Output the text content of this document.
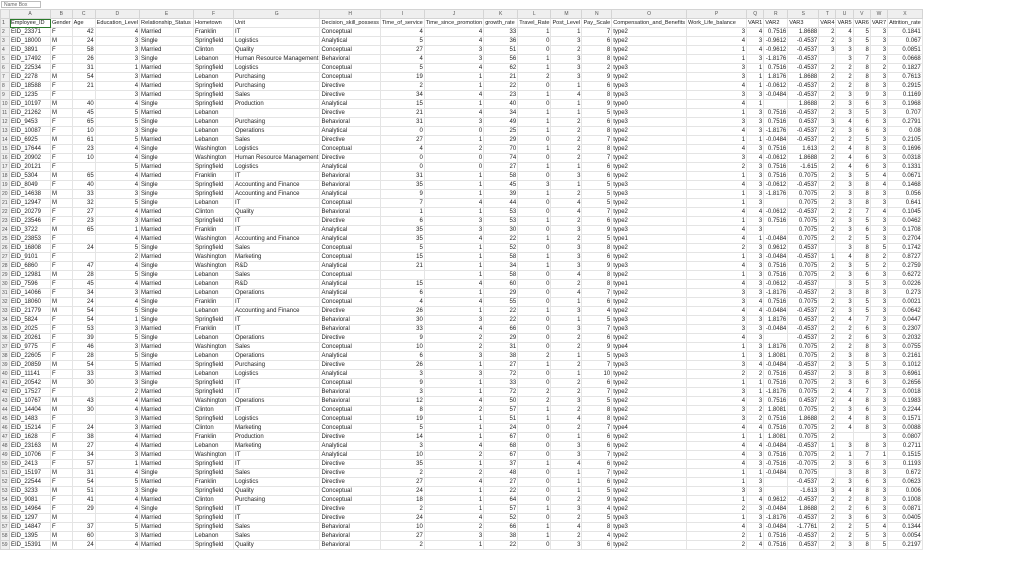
Name Box
	A	B	C	D	E	F	G	H	I	J	K	L	M	N	O	P	Q	R	S	T	U	V	W	X
1	Employee_ID	Gender	Age	Education_Level	Relationship_Status	Hometown	Unit	Decision_skill_possess	Time_of_service	Time_since_promotion	growth_rate	Travel_Rate	Post_Level	Pay_Scale	Compensation_and_Benefits	Work_Life_balance	VAR1	VAR2	VAR3	VAR4	VAR5	VAR6	VAR7	Attrition_rate
2	EID_23371	F	42	4	Married	Franklin	IT	Conceptual	4	4	33	1	1	7	type2	3	4	0.7516	1.8688	2	4	5	3	0.1841
3	EID_18000	M	24	3	Single	Springfield	Logistics	Analytical	5	4	36	0	3	6	type2	4	3	-0.9612	-0.4537	2	3	5	3	0.067
4	EID_3891	F	58	3	Married	Clinton	Quality	Conceptual	27	3	51	0	2	8	type2	1	4	-0.9612	-0.4537	3	3	8	3	0.0851
5	EID_17492	F	26	3	Single	Lebanon	Human Resource Management	Behavioral	4	3	56	1	3	8	type2	1	3	-1.8176	-0.4537		3	7	3	0.0668
6	EID_22534	F	31	1	Married	Springfield	Logistics	Conceptual	5	4	62	1	3	2	type3	3	1	0.7516	-0.4537	2	2	8	2	0.1827
7	EID_2278	M	54	3	Married	Lebanon	Purchasing	Conceptual	19	1	21	2	3	9	type2	3	1	1.8176	1.8688	2	2	8	3	0.7613
8	EID_18588	F	21	4	Married	Springfield	Purchasing	Directive	2	1	22	0	1	6	type3	4	1	-0.0612	-0.4537	2	2	8	3	0.2915
9	EID_1235	F		3	Married	Springfield	Sales	Directive	34	4	23	1	4	8	type3	3	3	-0.0484	-0.4537	2	3	9	3	0.1169
10	EID_10197	M	40	4	Single	Springfield	Production	Analytical	15	1	40	0	1	9	type0	4	1		1.8688	2	3	6	3	0.1968
11	EID_21262	M	45	5	Married	Lebanon		Directive	21	4	34	1	1	5	type3	1	3	0.7516	-0.4537	2	3	5	3	0.707
12	EID_9453	F	65	5	Single	Lebanon	Purchasing	Behavioral	31	3	49	1	2	6	type3	3	3	0.7516	0.4537	3	4	6	3	0.2791
13	EID_10087	F	10	3	Single	Lebanon	Operations	Analytical	0	0	25	1	2	8	type2	4	3	-1.8176	-0.4537	2	3	6	3	0.08
14	EID_6925	M	61	5	Married	Lebanon	Sales	Directive	27	1	29	0	2	7	type2	1	1	-0.0484	-0.4537	2	2	5	3	0.2105
15	EID_17644	F	23	4	Single	Washington	Logistics	Conceptual	4	2	70	1	2	8	type2	4	3	0.7516	1.613	2	4	8	3	0.1696
16	EID_20902	F	10	4	Single	Washington	Human Resource Management	Directive	0	0	74	0	2	7	type2	3	4	-0.0612	1.8688	2	4	6	3	0.0318
17	EID_20121	F		5	Married	Springfield	Logistics	Analytical	0	0	27	1	1	6	type2	2	3	0.7516	-1.615	2	4	6	3	0.1331
18	EID_5304	M	65	4	Married	Franklin	IT	Behavioral	31	1	58	0	3	6	type2	1	3	0.7516	0.7075	2	3	5	4	0.0671
19	EID_8049	F	40	4	Single	Springfield	Accounting and Finance	Behavioral	35	1	45	3	1	5	type3	4	3	-0.0612	-0.4537	2	3	8	4	0.1468
20	EID_14638	M	33	3	Single	Springfield	Accounting and Finance	Analytical	9	1	39	1	2	5	type3	1	3	-1.8176	0.7075	2	3	8	3	0.056
21	EID_12947	M	32	5	Single	Lebanon	IT	Conceptual	7	4	44	0	4	5	type2	1	3		0.7075	2	3	8	3	0.641
22	EID_20279	F	27	4	Married	Clinton	Quality	Behavioral	1	1	53	0	4	7	type2	4	4	-0.0612	-0.4537	2	2	7	4	0.1045
23	EID_23546	F	23	3	Married	Springfield	IT	Directive	6	3	53	1	2	6	type2	1	3	0.7516	0.7075	2	3	5	3	0.0462
24	EID_3722	M	65	1	Married	Franklin	IT	Analytical	35	3	30	0	3	9	type3	4	3		0.7075	2	3	6	3	0.1708
25	EID_23853	F		4	Married	Washington	Accounting and Finance	Analytical	35	4	22	1	2	5	type1	4	1	-0.0484	0.7075	2	2	5	3	0.2704
26	EID_16808	F	24	5	Single	Springfield	Sales	Conceptual	5	1	52	0	3	8	type2	2	3	0.9612	0.4537		3	8	5	0.1742
27	EID_9101	F		2	Married	Washington	Marketing	Conceptual	15	1	58	1	3	6	type2	1	3	-0.0484	-0.4537	1	4	8	2	0.8727
28	EID_6860	F	47	4	Single	Washington	R&D	Analytical	21	1	34	1	3	9	type3	4	3	0.7516	0.7075	2	3	5	2	0.2759
29	EID_12981	M	28	5	Single	Lebanon	Sales	Conceptual		1	58	0	4	8	type2	1	3	0.7516	0.7075	2	3	6	3	0.6272
30	EID_7596	F	45	4	Married	Lebanon	R&D	Analytical	15	4	60	0	2	8	type1	4	3	-0.0612	-0.4537		3	5	3	0.0226
31	EID_14066	F	34	3	Married	Lebanon	Operations	Analytical	6	1	29	0	4	7	type2	3	3	-1.8176	-0.4537	2	3	8	3	0.273
32	EID_18060	M	24	4	Single	Franklin	IT	Conceptual	4	4	55	0	1	6	type2	3	4	0.7516	0.7075	2	3	5	3	0.0021
33	EID_21779	M	54	5	Single	Lebanon	Accounting and Finance	Directive	26	1	22	1	3	4	type2	4	4	-0.0484	-0.4537	2	3	5	3	0.0642
34	EID_5824	F	54	1	Single	Springfield	IT	Behavioral	30	3	22	0	1	5	type3	3	3	1.8176	0.4537	2	4	7	3	0.0447
35	EID_2025	F	53	3	Married	Franklin	IT	Behavioral	33	4	66	0	3	7	type3	3	3	-0.0484	-0.4537	2	2	6	3	0.2307
36	EID_20261	F	39	5	Single	Lebanon	Operations	Directive	9	2	29	0	2	6	type2	4	3		-0.4537	2	2	6	3	0.2032
37	EID_9775	F	46	3	Married	Washington	Sales	Conceptual	10	2	31	0	2	9	type4	1	3	1.8176	0.7075	2	2	8	3	0.0755
38	EID_22605	F	28	5	Single	Lebanon	Operations	Analytical	6	3	38	2	1	5	type3	1	3	1.8081	0.7075	2	3	8	3	0.2161
39	EID_20859	M	54	5	Married	Springfield	Purchasing	Directive	26	1	27	1	2	7	type3	3	4	-0.0484	-0.4537	2	3	5	3	0.1012
40	EID_11141	F	33	3	Married	Lebanon	Logistics	Analytical	3	3	72	0	1	10	type2	2	2	0.7516	0.4537	2	3	8	3	0.6961
41	EID_20542	M	30	3	Single	Springfield	IT	Conceptual	9	1	33	0	2	6	type2	1	1	0.7516	0.7075	2	3	6	3	0.2656
42	EID_17527	F		2	Married	Springfield	IT	Behavioral	3	1	72	2	2	7	type2	3	1	-1.8176	0.7075	2	4	7	3	0.0018
43	EID_10767	M	43	4	Married	Washington	Operations	Behavioral	12	4	50	2	3	5	type2	4	3	0.7516	0.4537	2	4	8	3	0.1983
44	EID_14404	M	30	4	Married	Clinton	IT	Conceptual	8	2	57	1	2	8	type2	3	2	1.8081	0.7075	2	3	6	3	0.2244
45	EID_1483	F		3	Married	Springfield	Logistics	Conceptual	19	1	51	1	4	8	type2	3	2	0.7516	1.8688	2	4	8	3	0.1571
46	EID_15214	F	24	3	Married	Clinton	Marketing	Conceptual	5	1	24	0	2	7	type4	4	4	0.7516	0.7075	2	4	8	3	0.0088
47	EID_1628	F	38	4	Married	Franklin	Production	Directive	14	1	67	0	1	6	type2	1	1	1.8081	0.7075	2			3	0.0807
48	EID_23163	M	27	4	Married	Lebanon	Marketing	Analytical	3	4	68	0	3	6	type2	4	4	-0.0484	-0.4537	1	3	8	3	0.2711
49	EID_10706	F	34	3	Married	Washington	IT	Analytical	10	2	67	0	3	7	type2	4	3	0.7516	0.7075	2	1	7	1	0.1515
50	EID_2413	F	57	1	Married	Springfield	IT	Directive	35	1	37	1	4	6	type2	4	3	-0.7516	-0.7075	2	3	6	3	0.1193
51	EID_15197	M	31	4	Single	Springfield	Sales	Directive	2	2	48	0	1	7	type2	1	1	-0.0484	0.7075		3	8	3	0.672
52	EID_22544	F	54	5	Married	Franklin	Logistics	Directive	27	4	27	0	1	6	type2	1	3		-0.4537	2	3	6	3	0.0623
53	EID_3233	M	51	3	Single	Springfield	Quality	Conceptual	24	1	22	0	1	5	type2	3	3		-1.613	3	4	8	3	0.006
54	EID_9081	F	41	4	Married	Clinton	Purchasing	Conceptual	18	1	64	0	2	9	type2	1	4	0.9612	-0.4537	2	2	8	3	0.1008
55	EID_14964	F	29	4	Single	Springfield	IT	Directive	2	1	57	1	3	4	type2	2	3	-0.0484	1.8688	2	2	6	3	0.0871
56	EID_1297	M		4	Married	Springfield	IT	Directive	24	4	52	0	2	5	type3	1	3	-1.8176	-0.4537	2	3	6	3	0.0405
57	EID_14847	F	37	5	Married	Springfield	Sales	Behavioral	10	2	66	1	4	8	type3	4	3	-0.0484	-1.7761	2	2	5	4	0.1344
58	EID_1395	M	60	3	Married	Lebanon	Sales	Behavioral	27	3	38	1	2	4	type2	2	1	0.7516	-0.4537	2	2	5	3	0.0054
59	EID_15391	M	24	4	Married	Springfield	Quality	Behavioral	2	1	22	0	3	6	type2	2	4	0.7516	0.4537	2	3	8	5	0.2197
